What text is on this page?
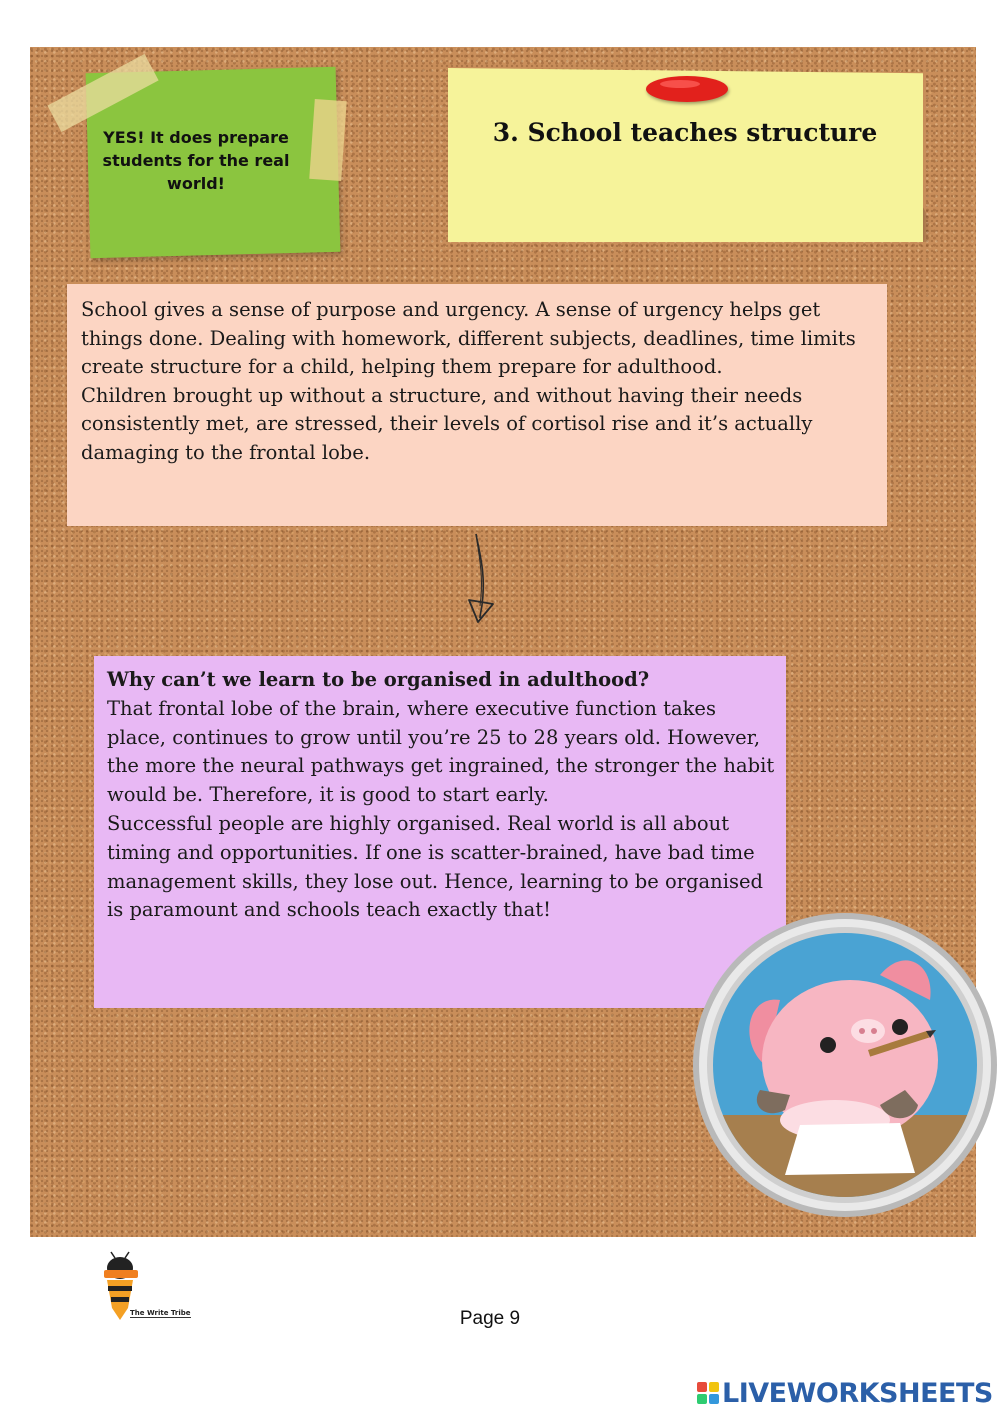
YES! It does prepare students for the real world!
3. School teaches structure

School gives a sense of purpose and urgency. A sense of urgency helps get things done. Dealing with homework, different subjects, deadlines, time limits create structure for a child, helping them prepare for adulthood.

Children brought up without a structure, and without having their needs consistently met, are stressed, their levels of cortisol rise and it’s actually damaging to the frontal lobe.

Why can’t we learn to be organised in adulthood?

That frontal lobe of the brain, where executive function takes place, continues to grow until you’re 25 to 28 years old. However, the more the neural pathways get ingrained, the stronger the habit would be. Therefore, it is good to start early.

Successful people are highly organised. Real world is all about timing and opportunities. If one is scatter-brained, have bad time management skills, they lose out. Hence, learning to be organised is paramount and schools teach exactly that!

The Write Tribe	Page 9
LIVEWORKSHEETS
